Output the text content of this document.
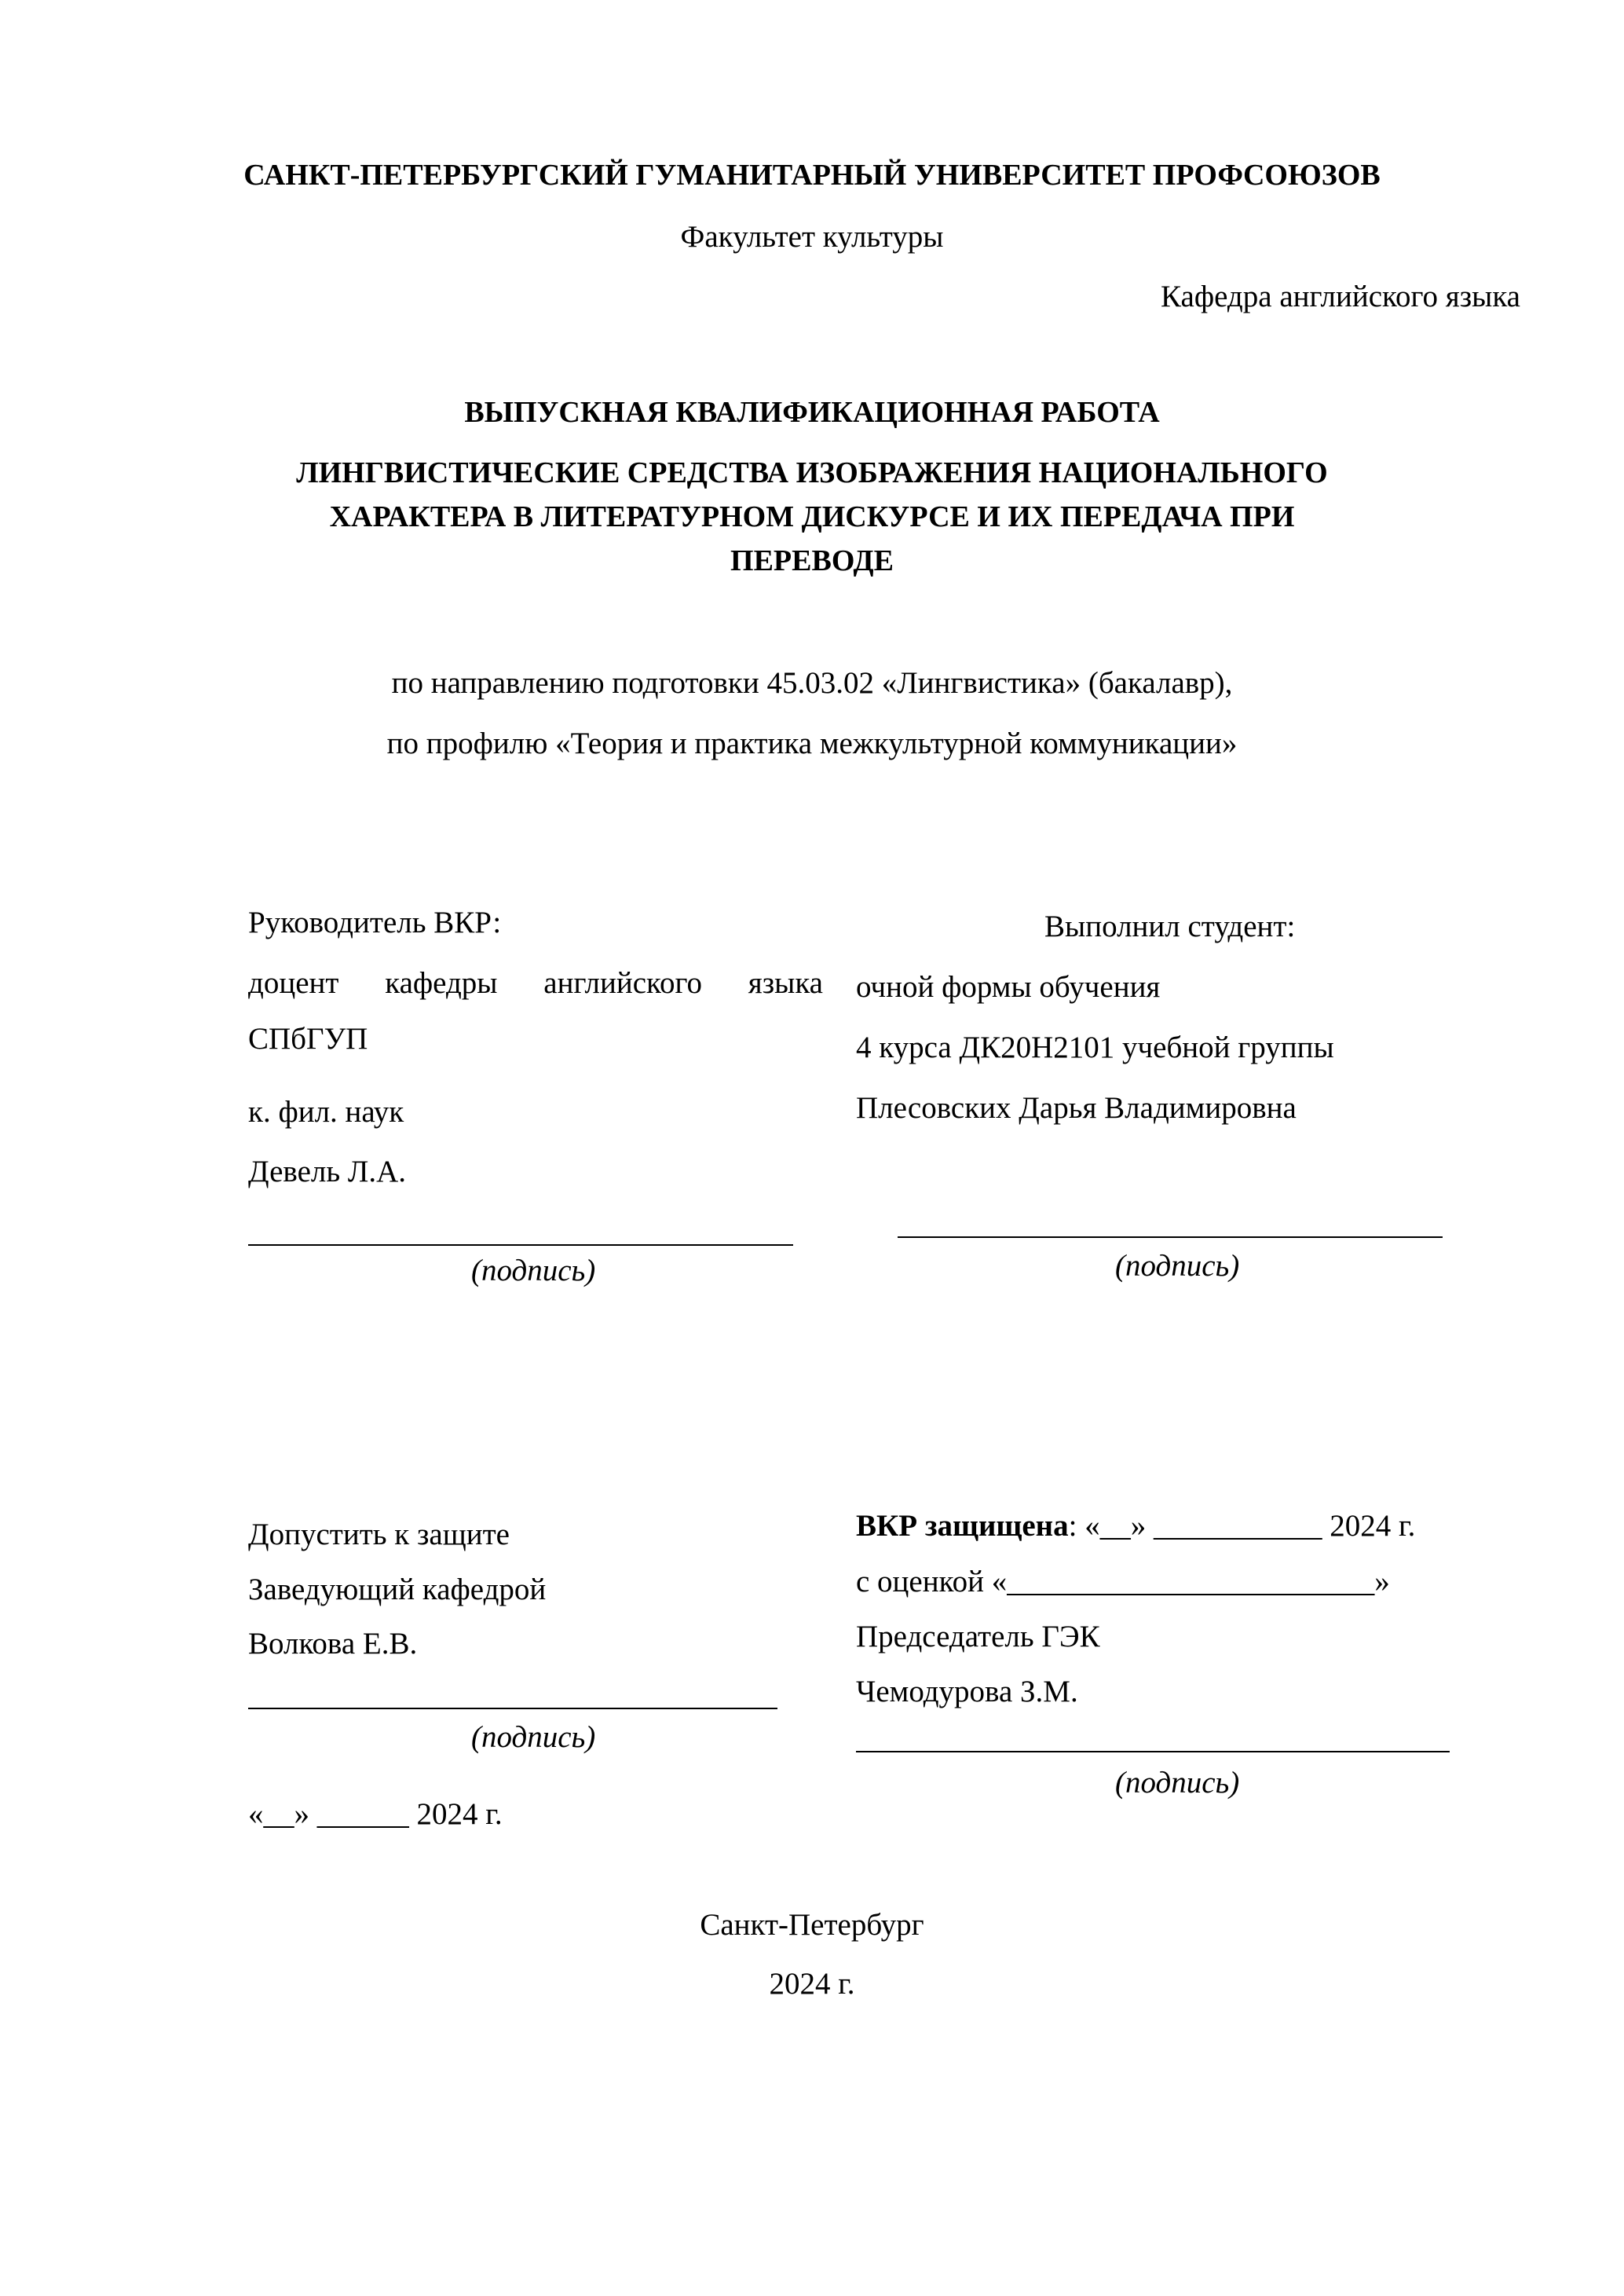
САНКТ-ПЕТЕРБУРГСКИЙ ГУМАНИТАРНЫЙ УНИВЕРСИТЕТ ПРОФСОЮЗОВ
Факультет культуры
Кафедра английского языка
ВЫПУСКНАЯ КВАЛИФИКАЦИОННАЯ РАБОТА
ЛИНГВИСТИЧЕСКИЕ СРЕДСТВА ИЗОБРАЖЕНИЯ НАЦИОНАЛЬНОГО
ХАРАКТЕРА В ЛИТЕРАТУРНОМ ДИСКУРСЕ И ИХ ПЕРЕДАЧА ПРИ
ПЕРЕВОДЕ
по направлению подготовки 45.03.02 «Лингвистика» (бакалавр),
по профилю «Теория и практика межкультурной коммуникации»
Руководитель ВКР:
доцент кафедры английского языка
СПбГУП
к. фил. наук
Девель Л.А.
(подпись)
Выполнил студент:
очной формы обучения
4 курса ДК20Н2101 учебной группы
Плесовских Дарья Владимировна
(подпись)
Допустить к защите
Заведующий кафедрой
Волкова Е.В.
(подпись)
«__» ______ 2024 г.
ВКР защищена: «__» ___________ 2024 г.
с оценкой «________________________»
Председатель ГЭК
Чемодурова З.М.
(подпись)
Санкт-Петербург
2024 г.
